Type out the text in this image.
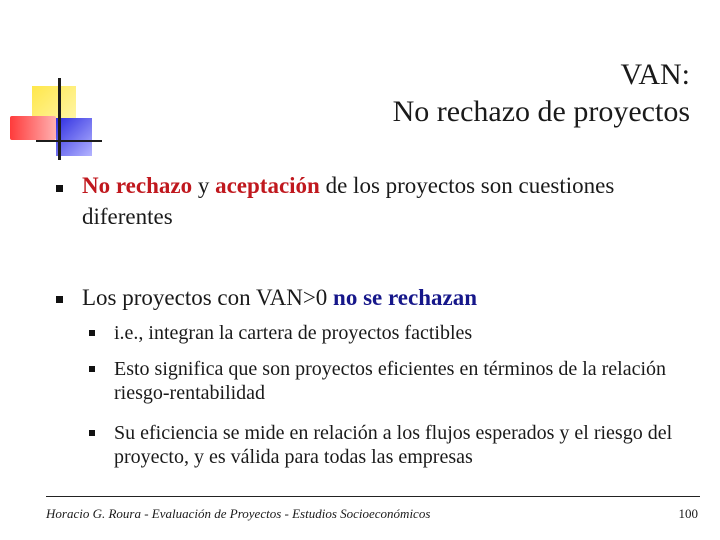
VAN:
No rechazo de proyectos
No rechazo y aceptación de los proyectos son cuestiones diferentes
Los proyectos con VAN>0 no se rechazan
i.e., integran la cartera de proyectos factibles
Esto significa que son proyectos eficientes en términos de la relación riesgo-rentabilidad
Su eficiencia se mide en relación a los flujos esperados y el riesgo del proyecto, y es válida para todas las empresas
Horacio G. Roura - Evaluación de Proyectos - Estudios Socioeconómicos	100
